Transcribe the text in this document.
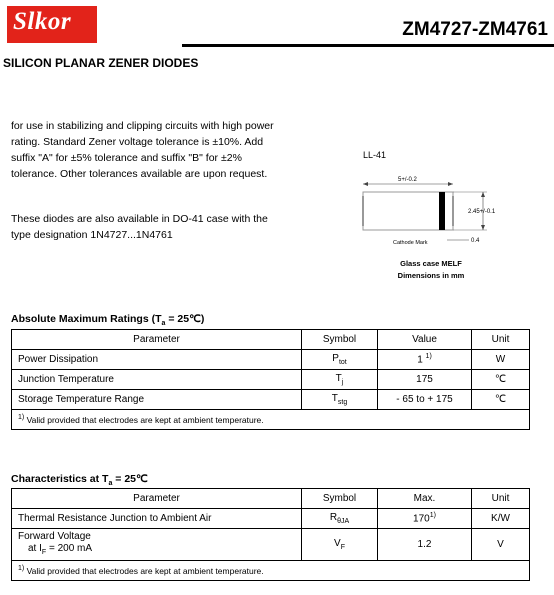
Slkor	ZM4727-ZM4761
SILICON PLANAR ZENER DIODES

for use in stabilizing and clipping circuits with high power rating. Standard Zener voltage tolerance is ±10%. Add suffix "A" for ±5% tolerance and suffix "B" for ±2% tolerance. Other tolerances available are upon request.

These diodes are also available in DO-41 case with the type designation 1N4727...1N4761

LL-41
5+/-0.2
2.45+/-0.1
0.4
Cathode Mark
Glass case MELF
Dimensions in mm
Absolute Maximum Ratings ($T_a$ = 25℃)
Parameter	Symbol	Value	Unit
Power Dissipation	$P_{tot}$	1 $^{1)}$	W
Junction Temperature	$T_j$	175	℃
Storage Temperature Range	$T_{stg}$	- 65 to + 175	℃
$^{1)}$ Valid provided that electrodes are kept at ambient temperature.			
Characteristics at $T_a$ = 25℃
Parameter	Symbol	Max.	Unit
Thermal Resistance Junction to Ambient Air	$R_{\theta JA}$	170$^{1)}$	K/W

Forward Voltage
at $I_F = 200$ mA	$V_F$	1.2	V
$^{1)}$ Valid provided that electrodes are kept at ambient temperature.			
